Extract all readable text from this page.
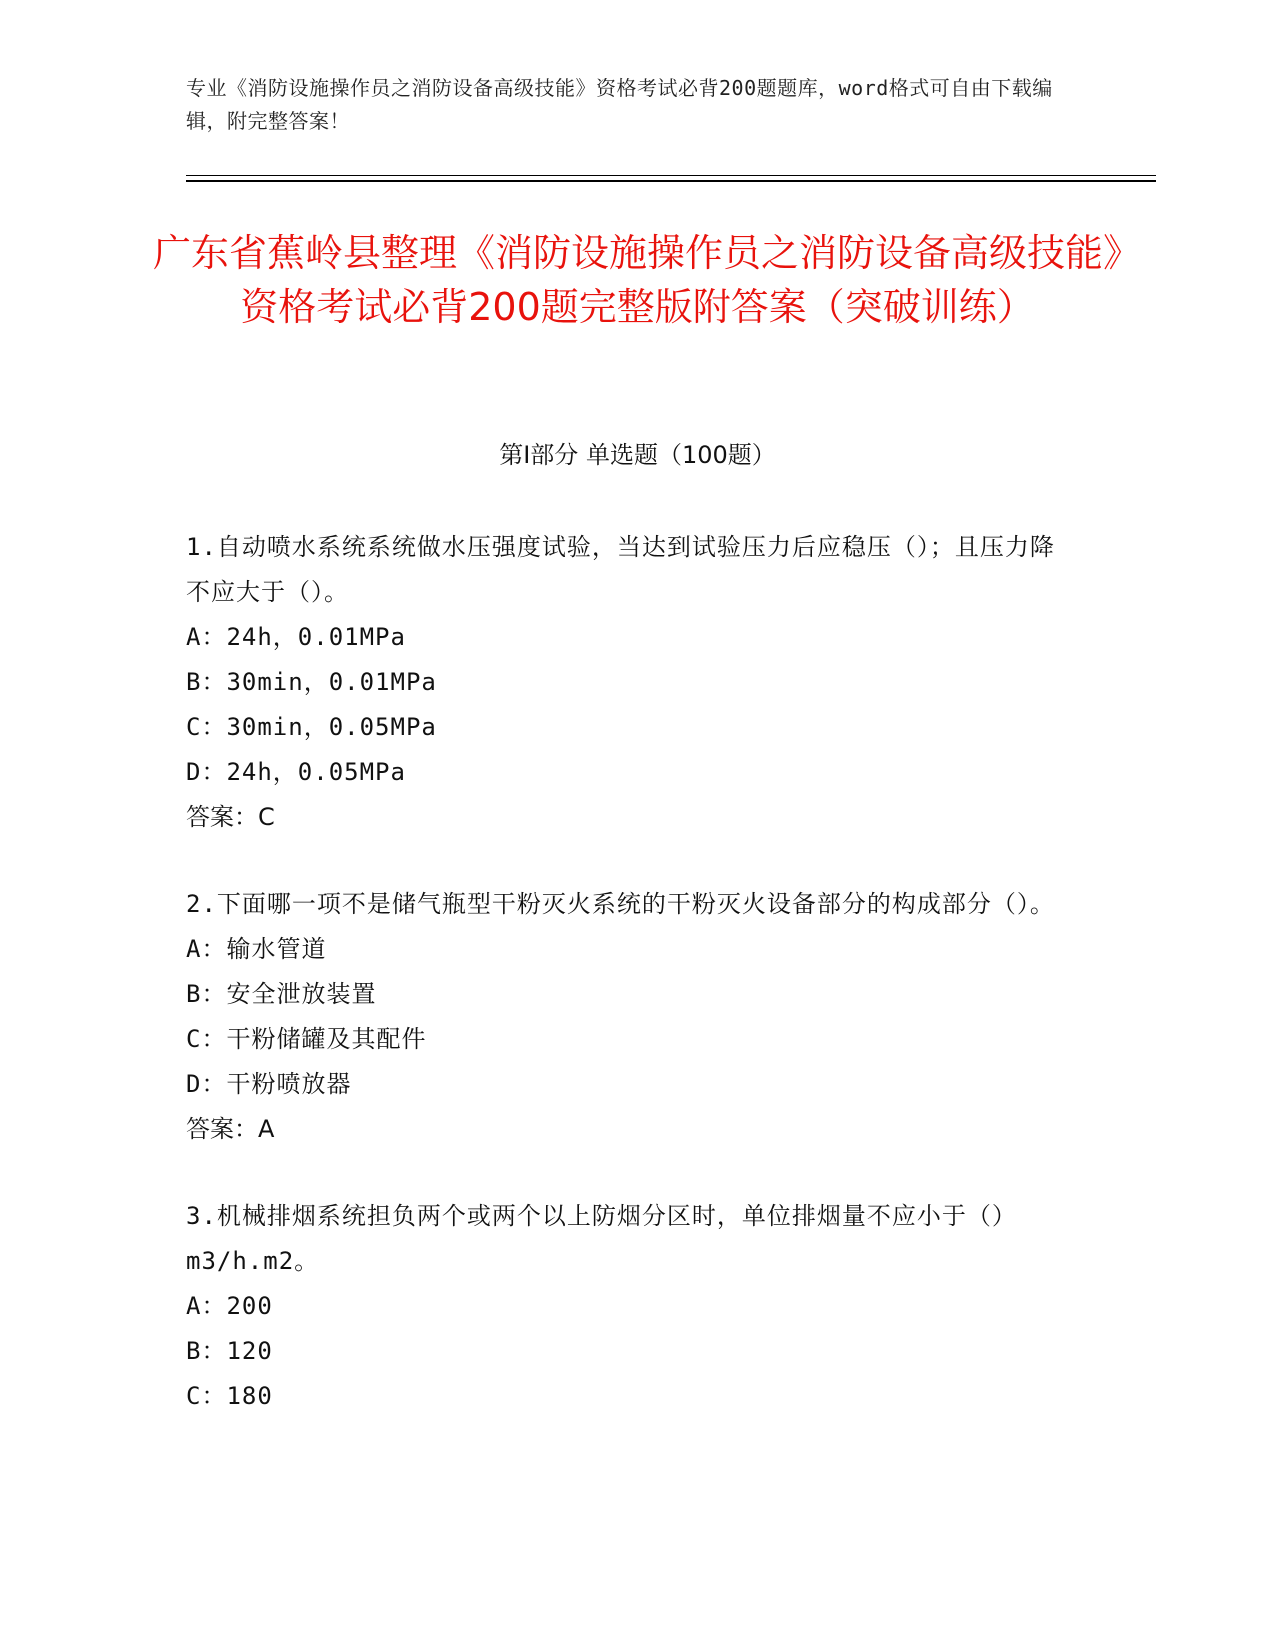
专业《消防设施操作员之消防设备高级技能》资格考试必背200题题库，word格式可自由下载编辑，附完整答案！
广东省蕉岭县整理《消防设施操作员之消防设备高级技能》资格考试必背200题完整版附答案（突破训练）
第Ⅰ部分 单选题（100题）

1.自动喷水系统系统做水压强度试验，当达到试验压力后应稳压（）；且压力降不应大于（）。

A：24h，0.01MPa

B：30min，0.01MPa

C：30min，0.05MPa

D：24h，0.05MPa

答案：C

2.下面哪一项不是储气瓶型干粉灭火系统的干粉灭火设备部分的构成部分（）。

A：输水管道

B：安全泄放装置

C：干粉储罐及其配件

D：干粉喷放器

答案：A

3.机械排烟系统担负两个或两个以上防烟分区时，单位排烟量不应小于（）m3/h.m2。

A：200

B：120

C：180
